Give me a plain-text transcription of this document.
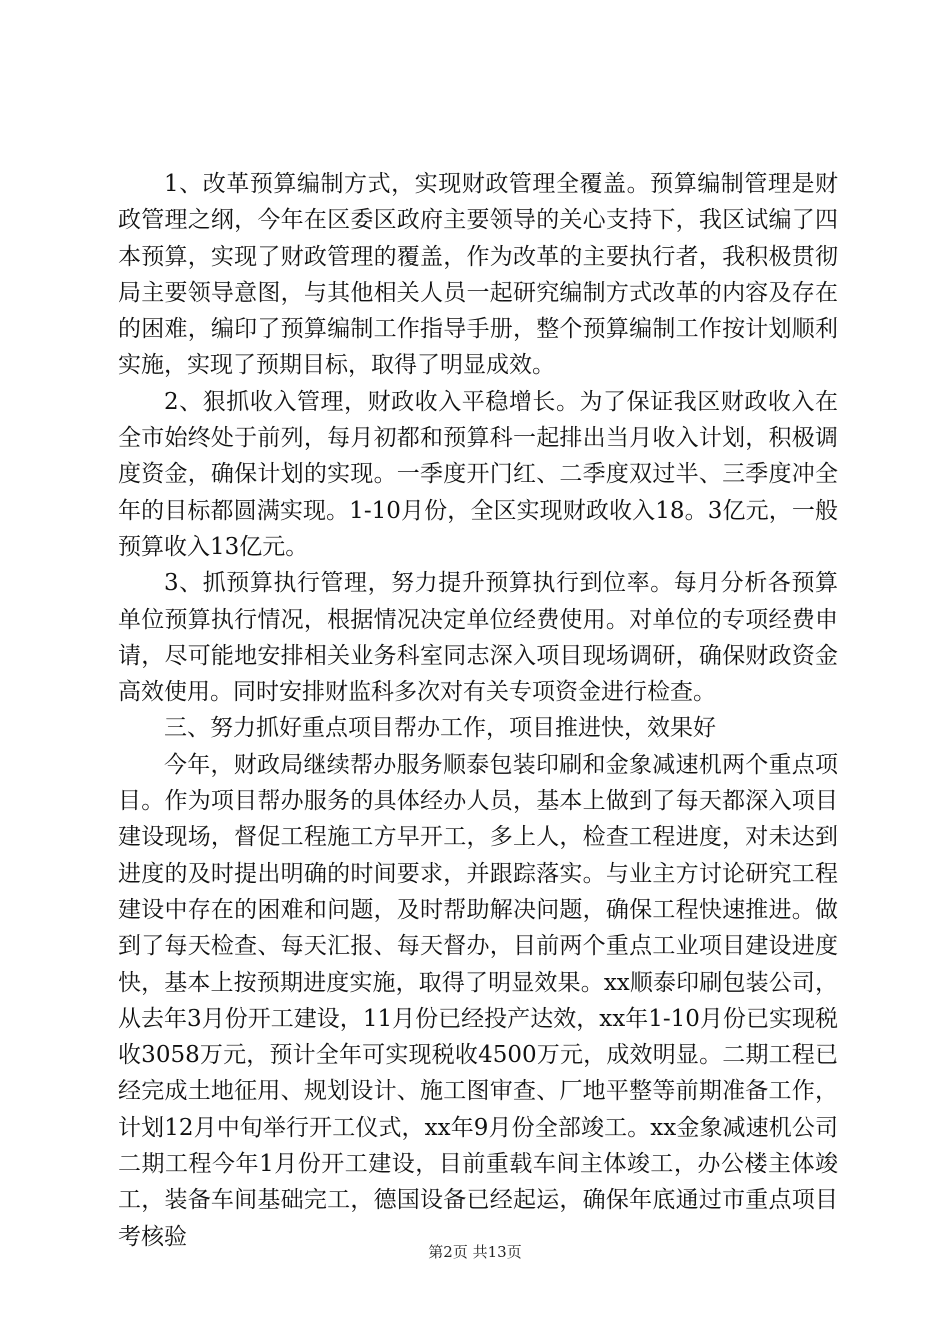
1、改革预算编制方式，实现财政管理全覆盖。预算编制管理是财政管理之纲，今年在区委区政府主要领导的关心支持下，我区试编了四本预算，实现了财政管理的覆盖，作为改革的主要执行者，我积极贯彻局主要领导意图，与其他相关人员一起研究编制方式改革的内容及存在的困难，编印了预算编制工作指导手册，整个预算编制工作按计划顺利实施，实现了预期目标，取得了明显成效。

2、狠抓收入管理，财政收入平稳增长。为了保证我区财政收入在全市始终处于前列，每月初都和预算科一起排出当月收入计划，积极调度资金，确保计划的实现。一季度开门红、二季度双过半、三季度冲全年的目标都圆满实现。1-10月份，全区实现财政收入18。3亿元，一般预算收入13亿元。

3、抓预算执行管理，努力提升预算执行到位率。每月分析各预算单位预算执行情况，根据情况决定单位经费使用。对单位的专项经费申请，尽可能地安排相关业务科室同志深入项目现场调研，确保财政资金高效使用。同时安排财监科多次对有关专项资金进行检查。

三、努力抓好重点项目帮办工作，项目推进快，效果好

今年，财政局继续帮办服务顺泰包装印刷和金象减速机两个重点项目。作为项目帮办服务的具体经办人员，基本上做到了每天都深入项目建设现场，督促工程施工方早开工，多上人，检查工程进度，对未达到进度的及时提出明确的时间要求，并跟踪落实。与业主方讨论研究工程建设中存在的困难和问题，及时帮助解决问题，确保工程快速推进。做到了每天检查、每天汇报、每天督办，目前两个重点工业项目建设进度快，基本上按预期进度实施，取得了明显效果。xx顺泰印刷包装公司，从去年3月份开工建设，11月份已经投产达效，xx年1-10月份已实现税收3058万元，预计全年可实现税收4500万元，成效明显。二期工程已经完成土地征用、规划设计、施工图审查、厂地平整等前期准备工作，计划12月中旬举行开工仪式，xx年9月份全部竣工。xx金象减速机公司二期工程今年1月份开工建设，目前重载车间主体竣工，办公楼主体竣工，装备车间基础完工，德国设备已经起运，确保年底通过市重点项目考核验

第2页 共13页
